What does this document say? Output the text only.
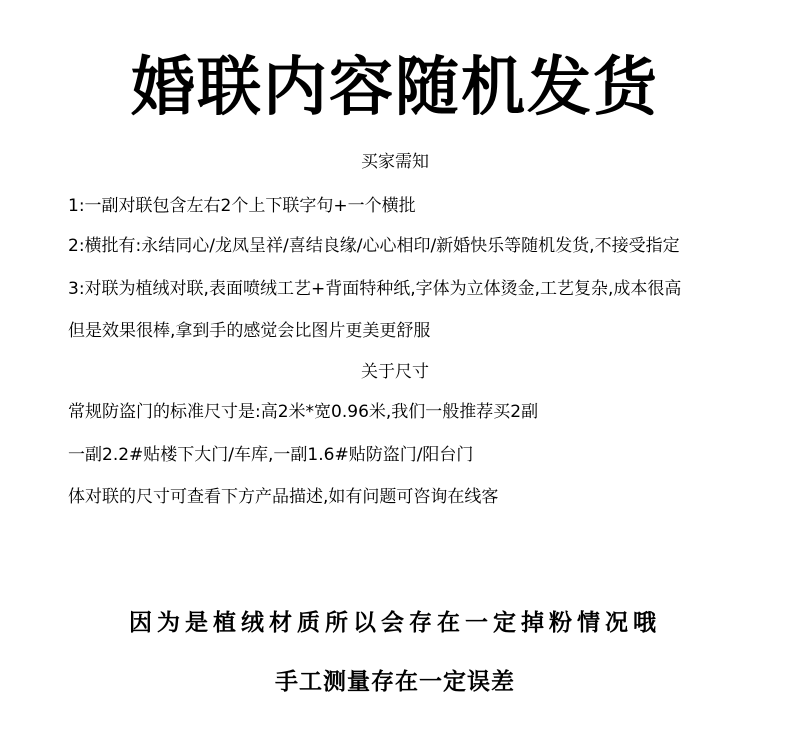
婚联内容随机发货
买家需知
1:一副对联包含左右2个上下联字句+一个横批
2:横批有:永结同心/龙凤呈祥/喜结良缘/心心相印/新婚快乐等随机发货,不接受指定
3:对联为植绒对联,表面喷绒工艺+背面特种纸,字体为立体烫金,工艺复杂,成本很高
但是效果很棒,拿到手的感觉会比图片更美更舒服
关于尺寸
常规防盗门的标准尺寸是:高2米*宽0.96米,我们一般推荐买2副
一副2.2#贴楼下大门/车库,一副1.6#贴防盗门/阳台门
体对联的尺寸可查看下方产品描述,如有问题可咨询在线客
因为是植绒材质所以会存在一定掉粉情况哦
手工测量存在一定误差
